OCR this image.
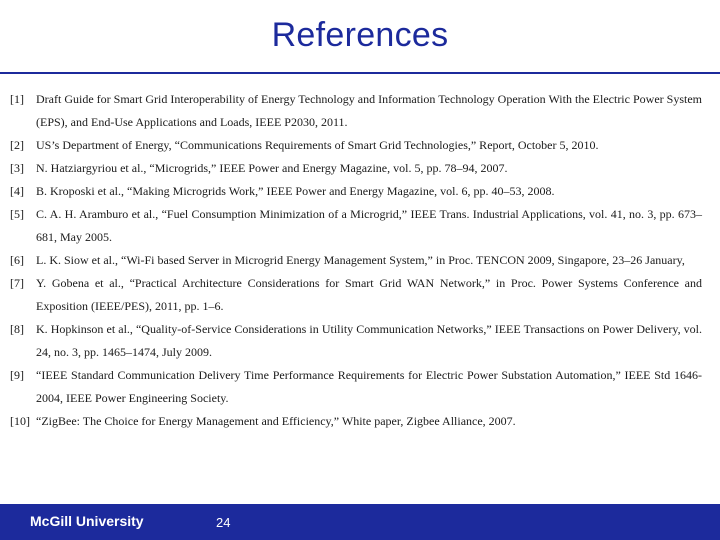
References
[1]	Draft Guide for Smart Grid Interoperability of Energy Technology and Information Technology Operation With the Electric Power System (EPS), and End-Use Applications and Loads, IEEE P2030, 2011.
[2]	US’s Department of Energy, “Communications Requirements of Smart Grid Technologies,” Report, October 5, 2010.
[3]	N. Hatziargyriou et al., “Microgrids,” IEEE Power and Energy Magazine, vol. 5, pp. 78–94, 2007.
[4]	B. Kroposki et al., “Making Microgrids Work,” IEEE Power and Energy Magazine, vol. 6, pp. 40–53, 2008.
[5]	C. A. H. Aramburo et al., “Fuel Consumption Minimization of a Microgrid,” IEEE Trans. Industrial Applications, vol. 41, no. 3, pp. 673–681, May 2005.
[6]	L. K. Siow et al., “Wi-Fi based Server in Microgrid Energy Management System,” in Proc. TENCON 2009, Singapore, 23–26 January,
[7]	Y. Gobena et al., “Practical Architecture Considerations for Smart Grid WAN Network,” in Proc. Power Systems Conference and Exposition (IEEE/PES), 2011, pp. 1–6.
[8]	K. Hopkinson et al., “Quality-of-Service Considerations in Utility Communication Networks,” IEEE Transactions on Power Delivery, vol. 24, no. 3, pp. 1465–1474, July 2009.
[9]	“IEEE Standard Communication Delivery Time Performance Requirements for Electric Power Substation Automation,” IEEE Std 1646-2004, IEEE Power Engineering Society.
[10] “ZigBee: The Choice for Energy Management and Efficiency,” White paper, Zigbee Alliance, 2007.
McGill University	24
